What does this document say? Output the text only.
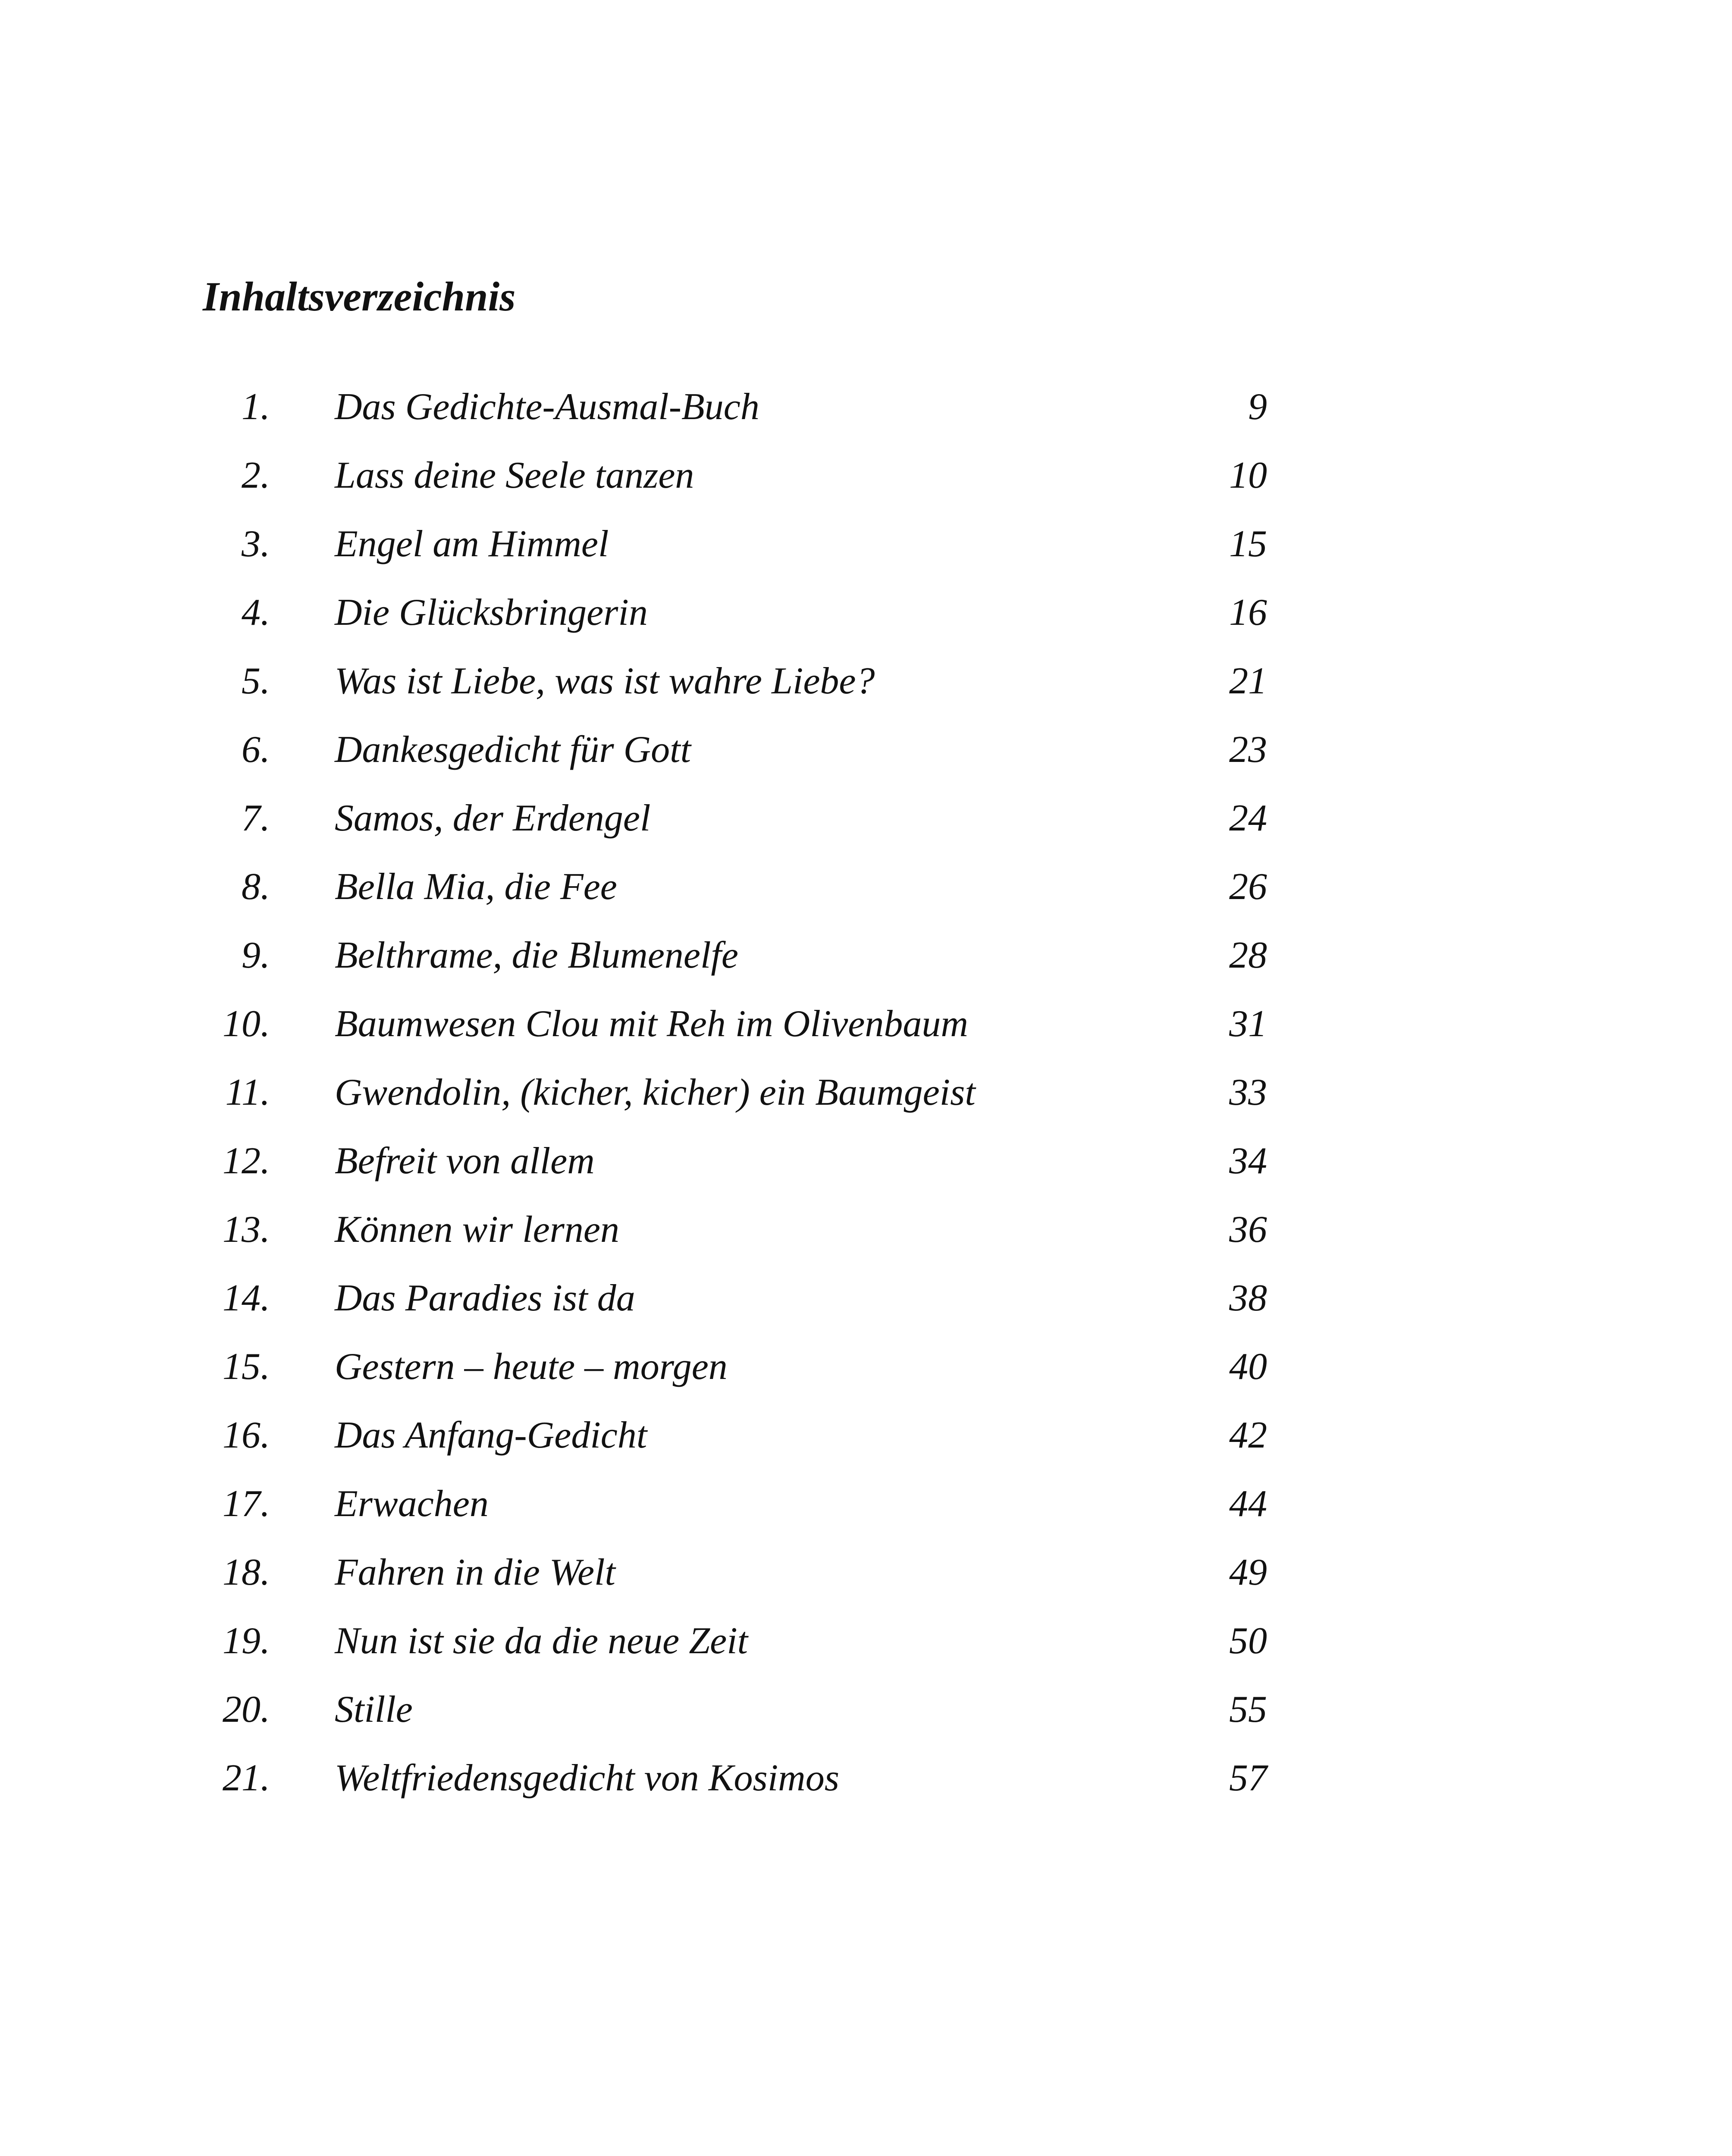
Inhaltsverzeichnis
1. Das Gedichte-Ausmal-Buch	9
2. Lass deine Seele tanzen	10
3. Engel am Himmel	15
4. Die Glücksbringerin	16
5. Was ist Liebe, was ist wahre Liebe?	21
6. Dankesgedicht für Gott	23
7. Samos, der Erdengel	24
8. Bella Mia, die Fee	26
9. Belthrame, die Blumenelfe	28
10. Baumwesen Clou mit Reh im Olivenbaum	31
11. Gwendolin, (kicher, kicher) ein Baumgeist	33
12. Befreit von allem	34
13. Können wir lernen	36
14. Das Paradies ist da	38
15. Gestern – heute – morgen	40
16. Das Anfang-Gedicht	42
17. Erwachen	44
18. Fahren in die Welt	49
19. Nun ist sie da die neue Zeit	50
20. Stille	55
21. Weltfriedensgedicht von Kosimos	57
